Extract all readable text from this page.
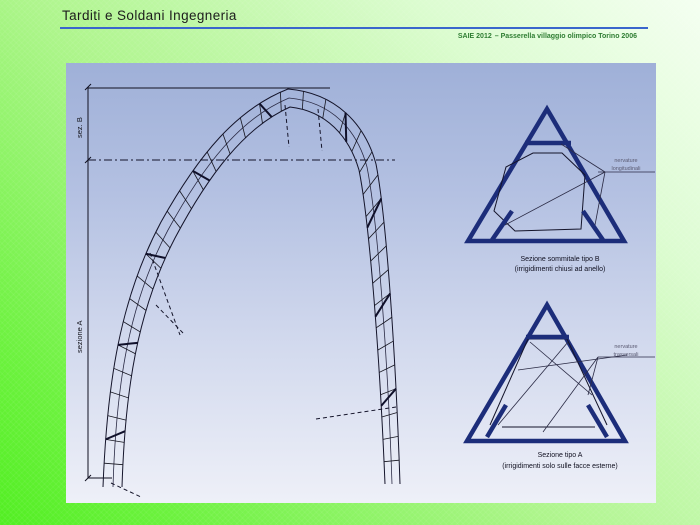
Tarditi e Soldani Ingegneria
SAIE 2012 – Passerella villaggio olimpico Torino 2006
sez. B
sezione A
nervature
longitudinali
Sezione sommitale tipo B
(irrigidimenti chiusi ad anello)
nervature
trasversali
Sezione tipo A
(irrigidimenti solo sulle facce esterne)
